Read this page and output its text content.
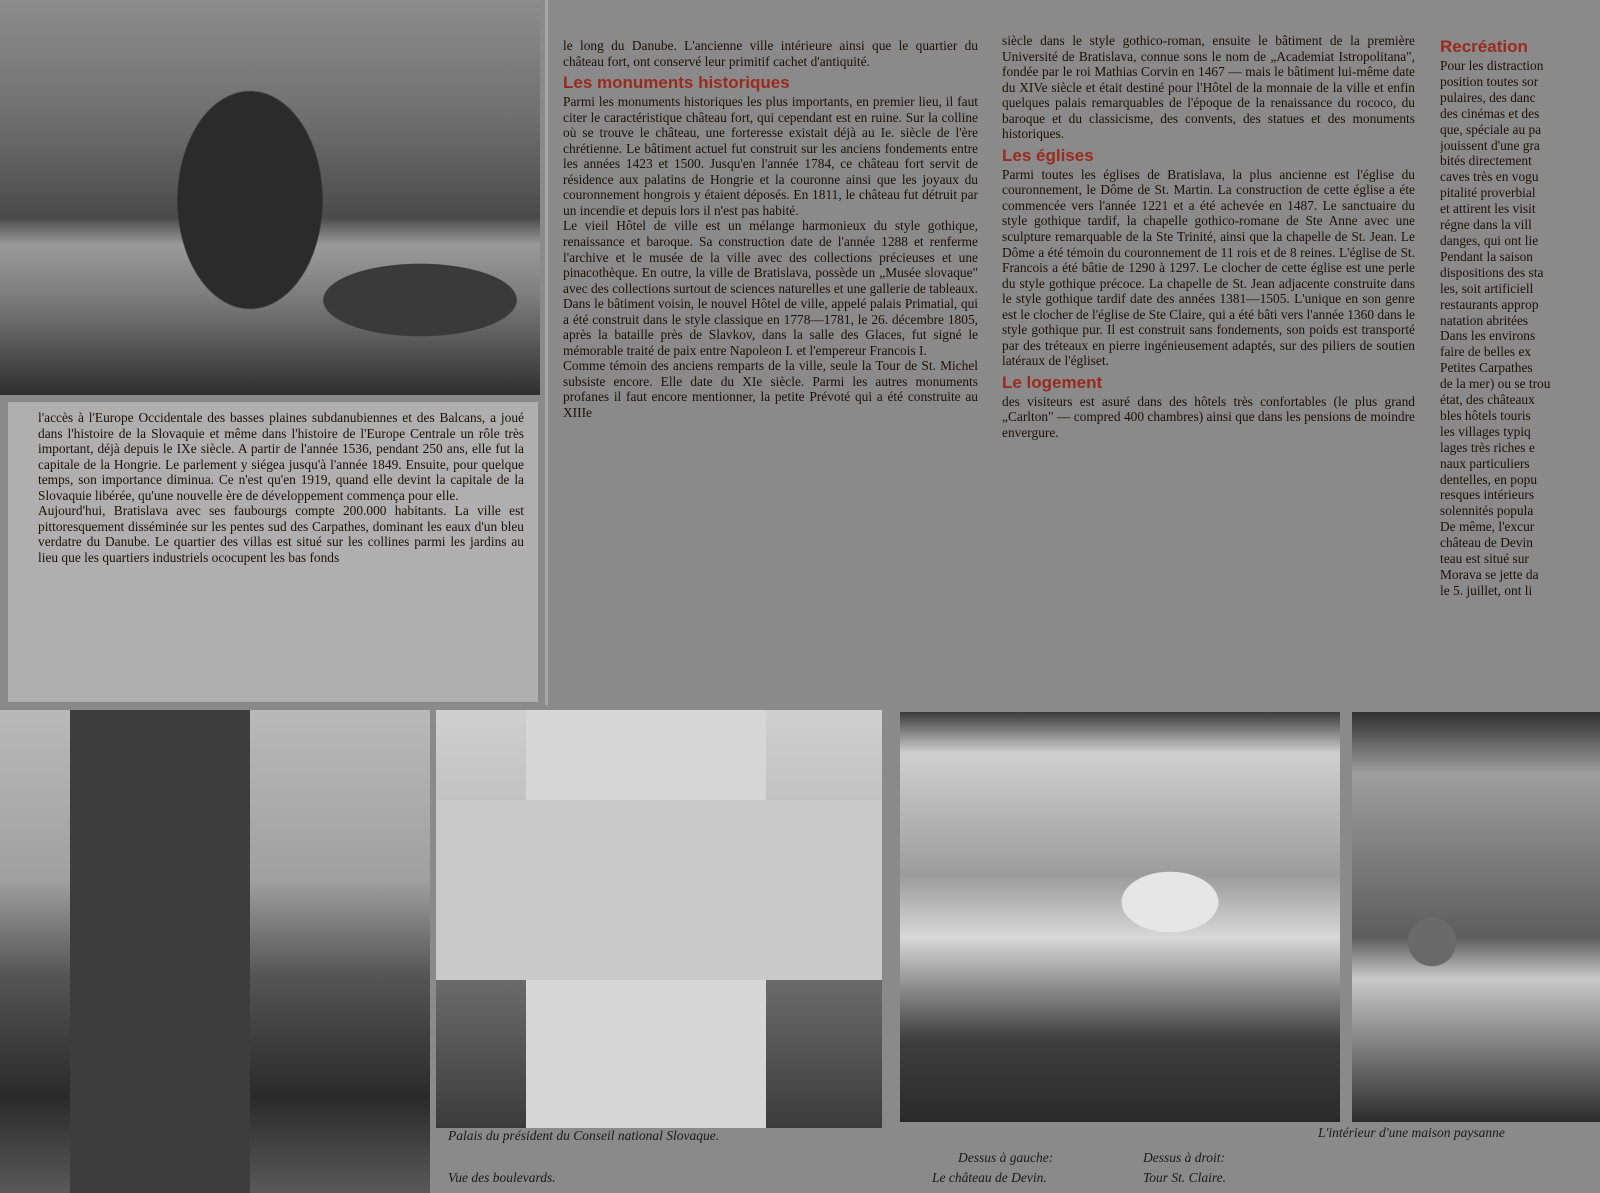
l'accès à l'Europe Occidentale des basses plaines subdanubiennes et des Balcans, a joué dans l'histoire de la Slovaquie et même dans l'histoire de l'Europe Centrale un rôle très important, déjà depuis le IXe siècle. A partir de l'année 1536, pendant 250 ans, elle fut la capitale de la Hongrie. Le parlement y siégea jusqu'à l'année 1849. Ensuite, pour quelque temps, son importance diminua. Ce n'est qu'en 1919, quand elle devint la capitale de la Slovaquie libérée, qu'une nouvelle ère de développement commença pour elle.

Aujourd'hui, Bratislava avec ses faubourgs compte 200.000 habitants. La ville est pittoresquement disséminée sur les pentes sud des Carpathes, dominant les eaux d'un bleu verdatre du Danube. Le quartier des villas est situé sur les collines parmi les jardins au lieu que les quartiers industriels ococupent les bas fonds

le long du Danube. L'ancienne ville intérieure ainsi que le quartier du château fort, ont conservé leur primitif cachet d'antiquité.

Les monuments historiques

Parmi les monuments historiques les plus importants, en premier lieu, il faut citer le caractéristique château fort, qui cependant est en ruine. Sur la colline où se trouve le château, une forteresse existait déjà au Ie. siècle de l'ère chrétienne. Le bâtiment actuel fut construit sur les anciens fondements entre les années 1423 et 1500. Jusqu'en l'année 1784, ce château fort servit de résidence aux palatins de Hongrie et la couronne ainsi que les joyaux du couronnement hongrois y étaient déposés. En 1811, le château fut détruit par un incendie et depuis lors il n'est pas habité.

Le vieil Hôtel de ville est un mélange harmonieux du style gothique, renaissance et baroque. Sa construction date de l'année 1288 et renferme l'archive et le musée de la ville avec des collections précieuses et une pinacothèque. En outre, la ville de Bratislava, possède un „Musée slovaque" avec des collections surtout de sciences naturelles et une gallerie de tableaux. Dans le bâtiment voisin, le nouvel Hôtel de ville, appelé palais Primatial, qui a été construit dans le style classique en 1778—1781, le 26. décembre 1805, après la bataille près de Slavkov, dans la salle des Glaces, fut signé le mémorable traité de paix entre Napoleon I. et l'empereur Francois I.

Comme témoin des anciens remparts de la ville, seule la Tour de St. Michel subsiste encore. Elle date du XIe siècle. Parmi les autres monuments profanes il faut encore mentionner, la petite Prévoté qui a été construite au XIIIe

siècle dans le style gothico-roman, ensuite le bâtiment de la première Université de Bratislava, connue sons le nom de „Academiat Istropolitana", fondée par le roi Mathias Corvin en 1467 — mais le bâtiment lui-même date du XIVe siècle et était destiné pour l'Hôtel de la monnaie de la ville et enfin quelques palais remarquables de l'époque de la renaissance du rococo, du baroque et du classicisme, des convents, des statues et des monuments historiques.

Les églises

Parmi toutes les églises de Bratislava, la plus ancienne est l'église du couronnement, le Dôme de St. Martin. La construction de cette église a éte commencée vers l'année 1221 et a été achevée en 1487. Le sanctuaire du style gothique tardif, la chapelle gothico-romane de Ste Anne avec une sculpture remarquable de la Ste Trinité, ainsi que la chapelle de St. Jean. Le Dôme a été témoin du couronnement de 11 rois et de 8 reines. L'église de St. Francois a été bâtie de 1290 à 1297. Le clocher de cette église est une perle du style gothique précoce. La chapelle de St. Jean adjacente construite dans le style gothique tardif date des années 1381—1505. L'unique en son genre est le clocher de l'église de Ste Claire, qui a été bâti vers l'année 1360 dans le style gothique pur. Il est construit sans fondements, son poids est transporté par des tréteaux en pierre ingénieusement adaptés, sur des piliers de soutien latéraux de l'égliset.

Le logement

des visiteurs est asuré dans des hôtels très confortables (le plus grand „Carlton" — compred 400 chambres) ainsi que dans les pensions de moindre envergure.

Recréation
Pour les distraction
position toutes sor
pulaires, des danc
des cinémas et des
que, spéciale au pa
jouissent d'une gra
bités directement
caves très en vogu
pitalité proverbial
et attirent les visit
régne dans la vill
danges, qui ont lie
Pendant la saison
dispositions des sta
les, soit artificiell
restaurants approp
natation abritées
Dans les environs
faire de belles ex
Petites Carpathes
de la mer) ou se trou
état, des châteaux
bles hôtels touris
les villages typiq
lages très riches e
naux particuliers
dentelles, en popu
resques intérieurs
solennités popula
De même, l'excur
château de Devin
teau est situé sur
Morava se jette da
le 5. juillet, ont li
Palais du président du Conseil national Slovaque.
Vue des boulevards.
Dessus à gauche:
Le château de Devin.
Dessus à droit:
Tour St. Claire.
L'intérieur d'une maison paysanne
